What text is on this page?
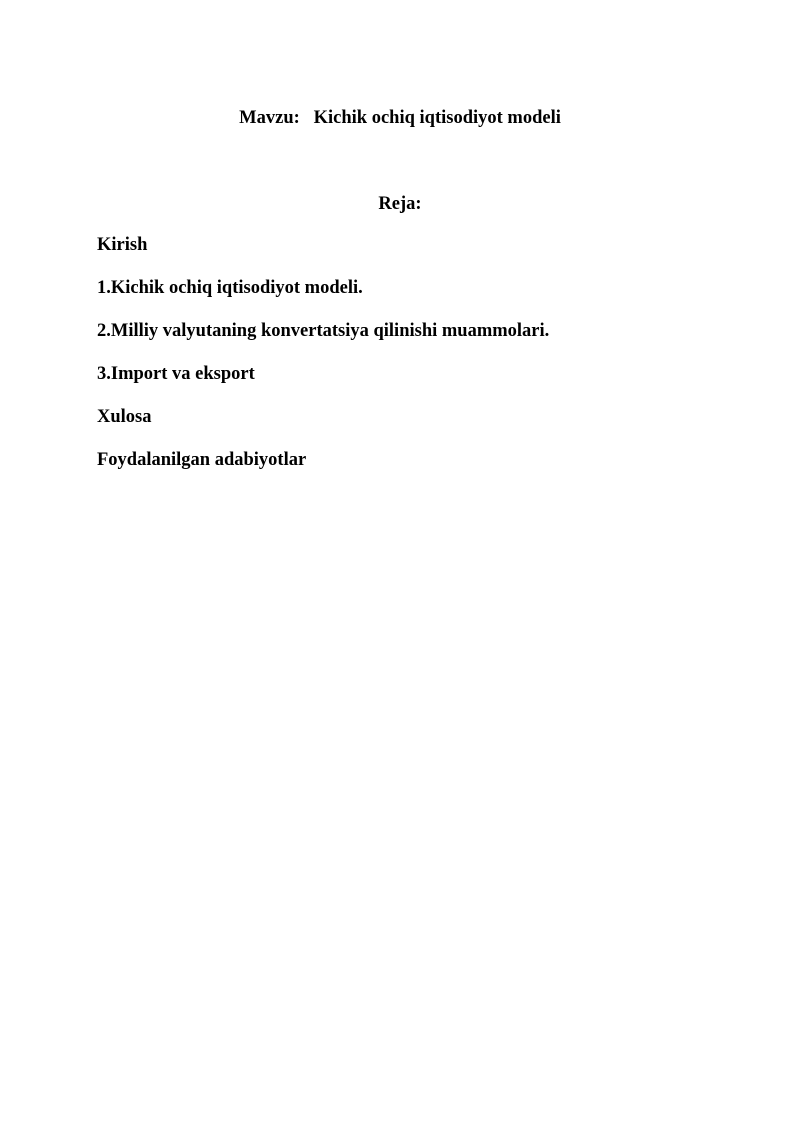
Mavzu:   Kichik ochiq iqtisodiyot modeli
Reja:
Kirish
1.Kichik ochiq iqtisodiyot modeli.
2.Milliy valyutaning konvertatsiya qilinishi muammolari.
3.Import va eksport
Xulosa
Foydalanilgan adabiyotlar
